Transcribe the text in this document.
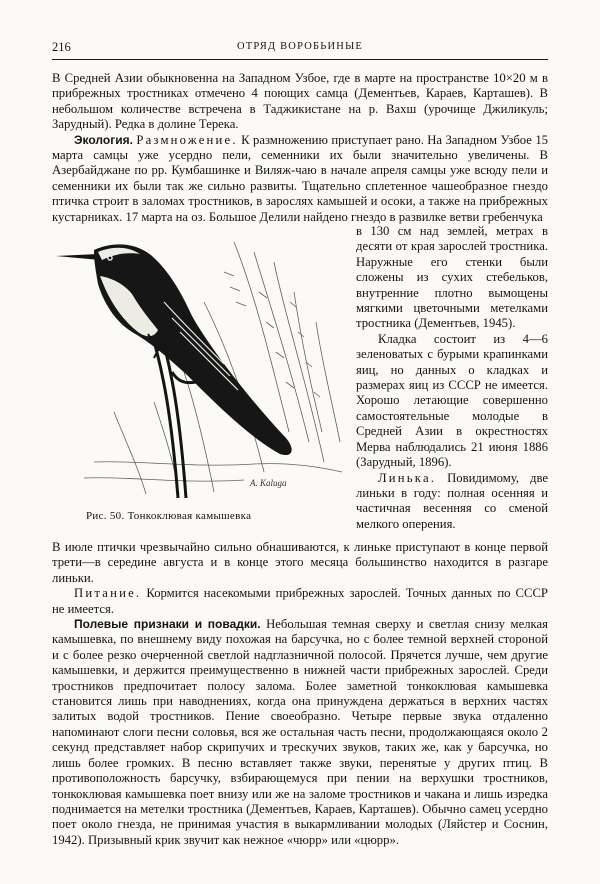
216	ОТРЯД ВОРОБЬИНЫЕ

В Средней Азии обыкновенна на Западном Узбое, где в марте на пространстве 10×20 м в прибрежных тростниках отмечено 4 поющих самца (Дементьев, Караев, Карташев). В небольшом количестве встречена в Таджикистане на р. Вахш (урочище Джиликуль; Зарудный). Редка в долине Терека.

Экология. Размножение. К размножению приступает рано. На Западном Узбое 15 марта самцы уже усердно пели, семенники их были значительно увеличены. В Азербайджане по рр. Кумбашинке и Виляж-чаю в начале апреля самцы уже всюду пели и семенники их были так же сильно развиты. Тщательно сплетенное чашеобразное гнездо птичка строит в заломах тростников, в зарослях камышей и осоки, а также на прибрежных кустарниках. 17 марта на оз. Большое Делили найдено гнездо в развилке ветви гребенчука

в 130 см над землей, метрах в десяти от края зарослей тростника. Наружные его стенки были сложены из сухих стебельков, внутренние плотно вымощены мягкими цветочными метелками тростника (Дементьев, 1945).

Кладка состоит из 4—6 зеленоватых с бурыми крапинками яиц, но данных о кладках и размерах яиц из СССР не имеется. Хорошо летающие совершенно самостоятельные молодые в Средней Азии в окрестностях Мерва наблюдались 21 июня 1886 (Зарудный, 1896).

Линька. Повидимому, две линьки в году: полная осенняя и частичная весенняя со сменой мелкого оперения.

A. Kaluga
Рис. 50. Тонкоклювая камышевка

В июле птички чрезвычайно сильно обнашиваются, к линьке приступают в конце первой трети—в середине августа и в конце этого месяца большинство находится в разгаре линьки.

Питание. Кормится насекомыми прибрежных зарослей. Точных данных по СССР не имеется.

Полевые признаки и повадки. Небольшая темная сверху и светлая снизу мелкая камышевка, по внешнему виду похожая на барсучка, но с более темной верхней стороной и с более резко очерченной светлой надглазничной полосой. Прячется лучше, чем другие камышевки, и держится преимущественно в нижней части прибрежных зарослей. Среди тростников предпочитает полосу залома. Более заметной тонкоклювая камышевка становится лишь при наводнениях, когда она принуждена держаться в верхних частях залитых водой тростников. Пение своеобразно. Четыре первые звука отдаленно напоминают слоги песни соловья, вся же остальная часть песни, продолжающаяся около 2 секунд представляет набор скрипучих и трескучих звуков, таких же, как у барсучка, но лишь более громких. В песню вставляет также звуки, перенятые у других птиц. В противоположность барсучку, взбирающемуся при пении на верхушки тростников, тонкоклювая камышевка поет внизу или же на заломе тростников и чакана и лишь изредка поднимается на метелки тростника (Дементьев, Караев, Карташев). Обычно самец усердно поет около гнезда, не принимая участия в выкармливании молодых (Ляйстер и Соснин, 1942). Призывный крик звучит как нежное «чюрр» или «цюрр».
